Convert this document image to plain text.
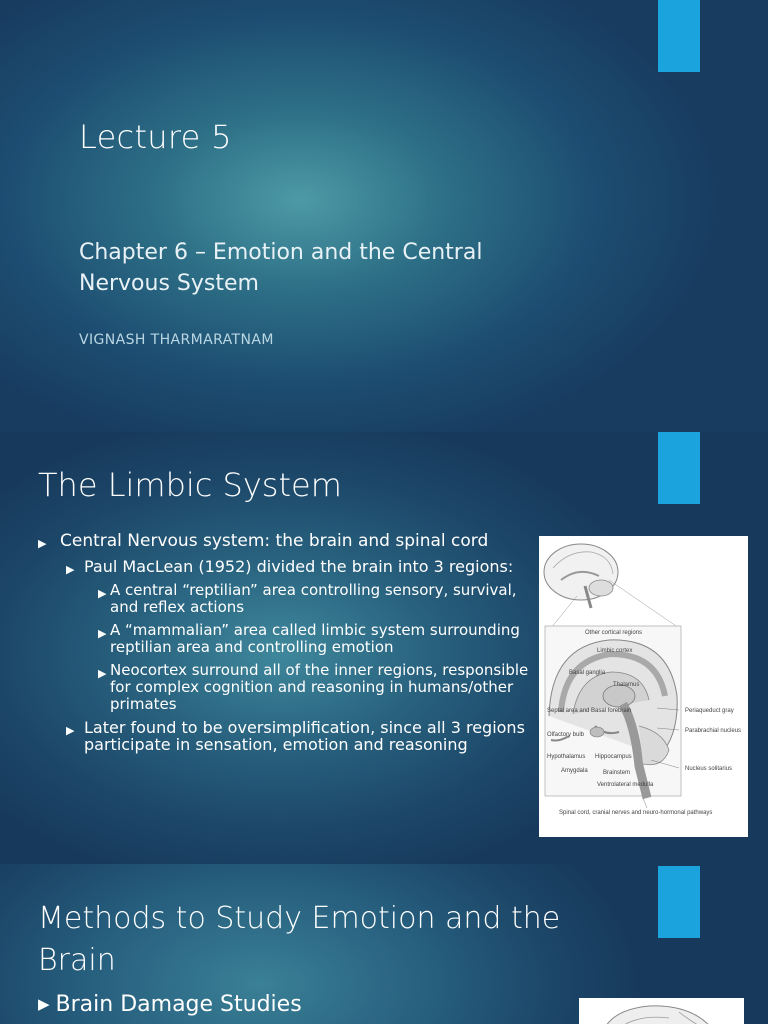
Lecture 5
Chapter 6 – Emotion and the Central
Nervous System
VIGNASH THARMARATNAM
The Limbic System
▶ Central Nervous system: the brain and spinal cord
▶ Paul MacLean (1952) divided the brain into 3 regions:
▶ A central “reptilian” area controlling sensory, survival, and reflex actions
▶ A “mammalian” area called limbic system surrounding reptilian area and controlling emotion
▶ Neocortex surround all of the inner regions, responsible for complex cognition and reasoning in humans/other primates
▶ Later found to be oversimplification, since all 3 regions participate in sensation, emotion and reasoning
Other cortical regions
Limbic cortex
Basal ganglia
Thalamus
Septal area and Basal forebrain
Olfactory bulb
Hypothalamus Hippocampus
Amygdala	Brainstem
Ventrolateral medulla
Periaqueduct gray
Parabrachial nucleus
Nucleus solitarius
Spinal cord, cranial nerves and neuro-hormonal pathways
Methods to Study Emotion and the
Brain
▶ Brain Damage Studies
